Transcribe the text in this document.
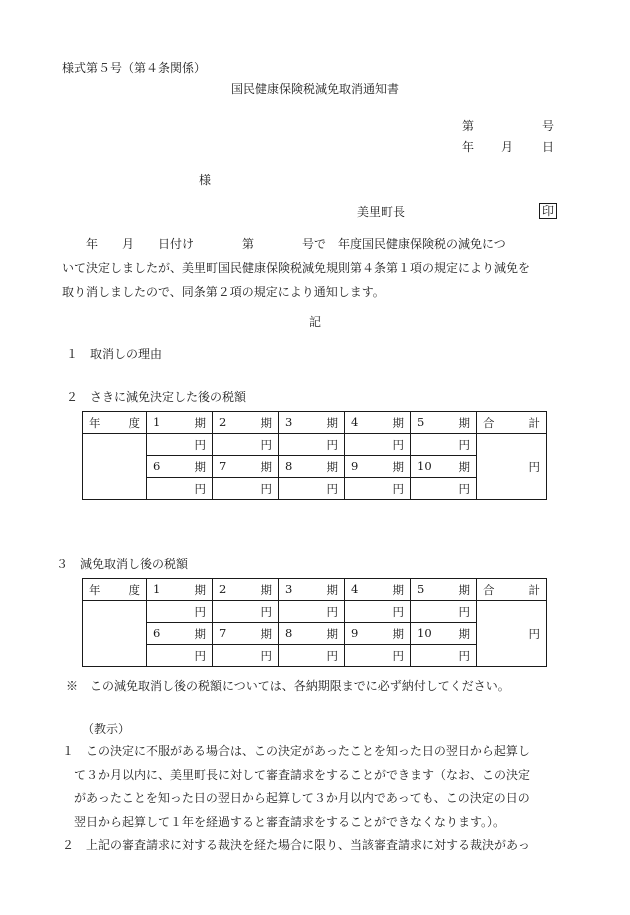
様式第５号（第４条関係）
国民健康保険税減免取消通知書
第	号
年 月 日
様
美里町長	印

年　　月　　日付け　　　　第　　　　号で　年度国民健康保険税の減免につ

いて決定しましたが、美里町国民健康保険税減免規則第４条第１項の規定により減免を

取り消しましたので、同条第２項の規定により通知します。

記
１　取消しの理由
２　さきに減免決定した後の税額
年 度	1 期	2 期	3 期	4 期	5 期	合 計

	円	円	円	円	円	円

	6 期	7 期	8 期	9 期	10 期	

	円	円	円	円	円	
３　減免取消し後の税額
年 度	1 期	2 期	3 期	4 期	5 期	合 計

	円	円	円	円	円	円

	6 期	7 期	8 期	9 期	10 期	

	円	円	円	円	円	
※　この減免取消し後の税額については、各納期限までに必ず納付してください。
（教示）

１ この決定に不服がある場合は、この決定があったことを知った日の翌日から起算し

て３か月以内に、美里町長に対して審査請求をすることができます（なお、この決定

があったことを知った日の翌日から起算して３か月以内であっても、この決定の日の

翌日から起算して１年を経過すると審査請求をすることができなくなります。）。

２ 上記の審査請求に対する裁決を経た場合に限り、当該審査請求に対する裁決があっ
